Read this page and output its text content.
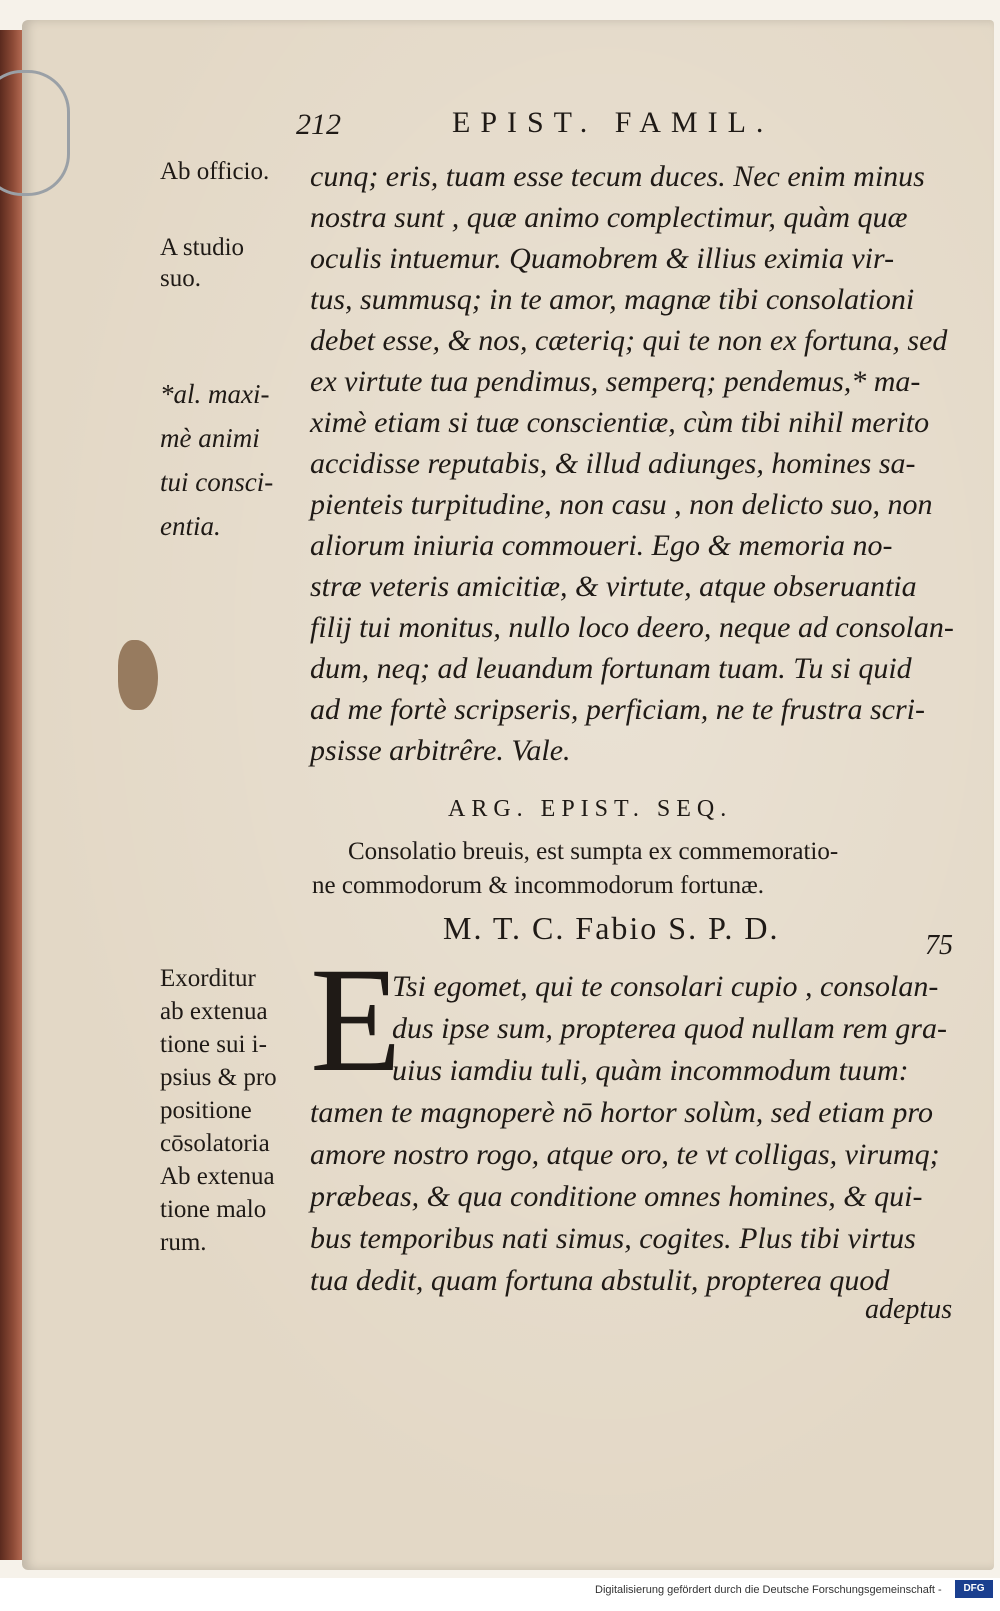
212	EPIST. FAMIL.
Ab officio.
A studio
suo.
*al. maxi-
mè animi
tui consci-
entia.
Exorditur
ab extenua
tione sui i-
psius & pro
positione
cōsolatoria
Ab extenua
tione malo
rum.
cunq; eris, tuam esse tecum duces. Nec enim minus
nostra sunt , quæ animo complectimur, quàm quæ
oculis intuemur. Quamobrem & illius eximia vir-
tus, summusq; in te amor, magnæ tibi consolationi
debet esse, & nos, cæteriq; qui te non ex fortuna, sed
ex virtute tua pendimus, semperq; pendemus,* ma-
ximè etiam si tuæ conscientiæ, cùm tibi nihil merito
accidisse reputabis, & illud adiunges, homines sa-
pienteis turpitudine, non casu , non delicto suo, non
aliorum iniuria commoueri. Ego & memoria no-
stræ veteris amicitiæ, & virtute, atque obseruantia
filij tui monitus, nullo loco deero, neque ad consolan-
dum, neq; ad leuandum fortunam tuam. Tu si quid
ad me fortè scripseris, perficiam, ne te frustra scri-
psisse arbitrêre. Vale.
ARG. EPIST. SEQ.
Consolatio breuis, est sumpta ex commemoratio-
ne commodorum & incommodorum fortunæ.
M. T. C. Fabio S. P. D.	75
E
Tsi egomet, qui te consolari cupio , consolan-
dus ipse sum, propterea quod nullam rem gra-
uius iamdiu tuli, quàm incommodum tuum:
tamen te magnoperè nō hortor solùm, sed etiam pro
amore nostro rogo, atque oro, te vt colligas, virumq;
præbeas, & qua conditione omnes homines, & qui-
bus temporibus nati simus, cogites. Plus tibi virtus
tua dedit, quam fortuna abstulit, propterea quod
adeptus
Digitalisierung gefördert durch die Deutsche Forschungsgemeinschaft -	DFG
